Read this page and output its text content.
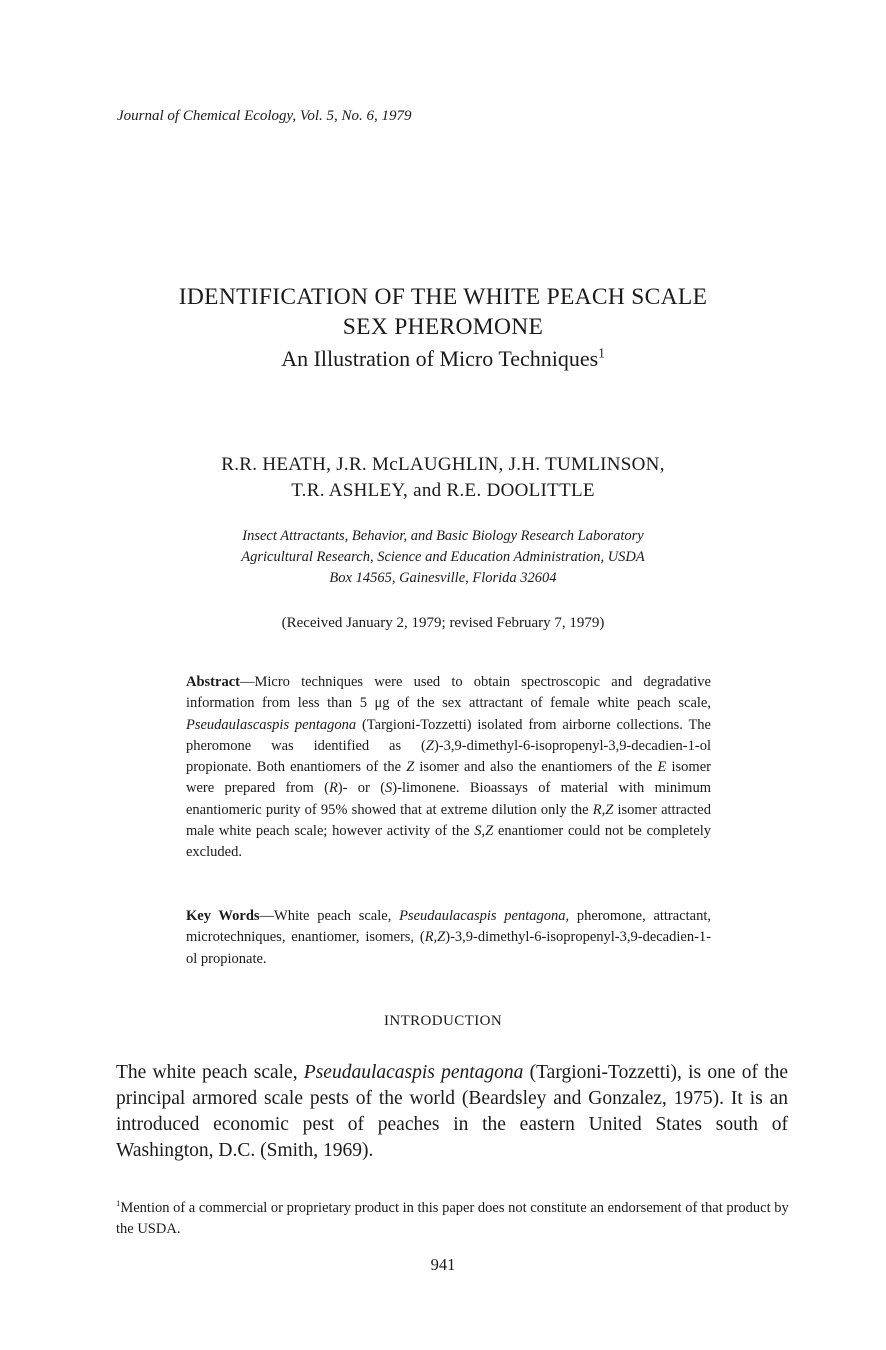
Journal of Chemical Ecology, Vol. 5, No. 6, 1979

IDENTIFICATION OF THE WHITE PEACH SCALE
SEX PHEROMONE
An Illustration of Micro Techniques$^1$
R.R. HEATH, J.R. McLAUGHLIN, J.H. TUMLINSON,
T.R. ASHLEY, and R.E. DOOLITTLE
Insect Attractants, Behavior, and Basic Biology Research Laboratory
Agricultural Research, Science and Education Administration, USDA
Box 14565, Gainesville, Florida 32604
(Received January 2, 1979; revised February 7, 1979)

Abstract—Micro techniques were used to obtain spectroscopic and degradative information from less than 5 μg of the sex attractant of female white peach scale, Pseudaulascaspis pentagona (Targioni-Tozzetti) isolated from airborne collections. The pheromone was identified as (Z)-3,9-dimethyl-6-isopropenyl-3,9-decadien-1-ol propionate. Both enantiomers of the Z isomer and also the enantiomers of the E isomer were prepared from (R)- or (S)-limonene. Bioassays of material with minimum enantiomeric purity of 95% showed that at extreme dilution only the R,Z isomer attracted male white peach scale; however activity of the S,Z enantiomer could not be completely excluded.

Key Words—White peach scale, Pseudaulacaspis pentagona, pheromone, attractant, microtechniques, enantiomer, isomers, (R,Z)-3,9-dimethyl-6-isopropenyl-3,9-decadien-1-ol propionate.

INTRODUCTION

The white peach scale, Pseudaulacaspis pentagona (Targioni-Tozzetti), is one of the principal armored scale pests of the world (Beardsley and Gonzalez, 1975). It is an introduced economic pest of peaches in the eastern United States south of Washington, D.C. (Smith, 1969).

$^1$Mention of a commercial or proprietary product in this paper does not constitute an endorsement of that product by the USDA.

941
